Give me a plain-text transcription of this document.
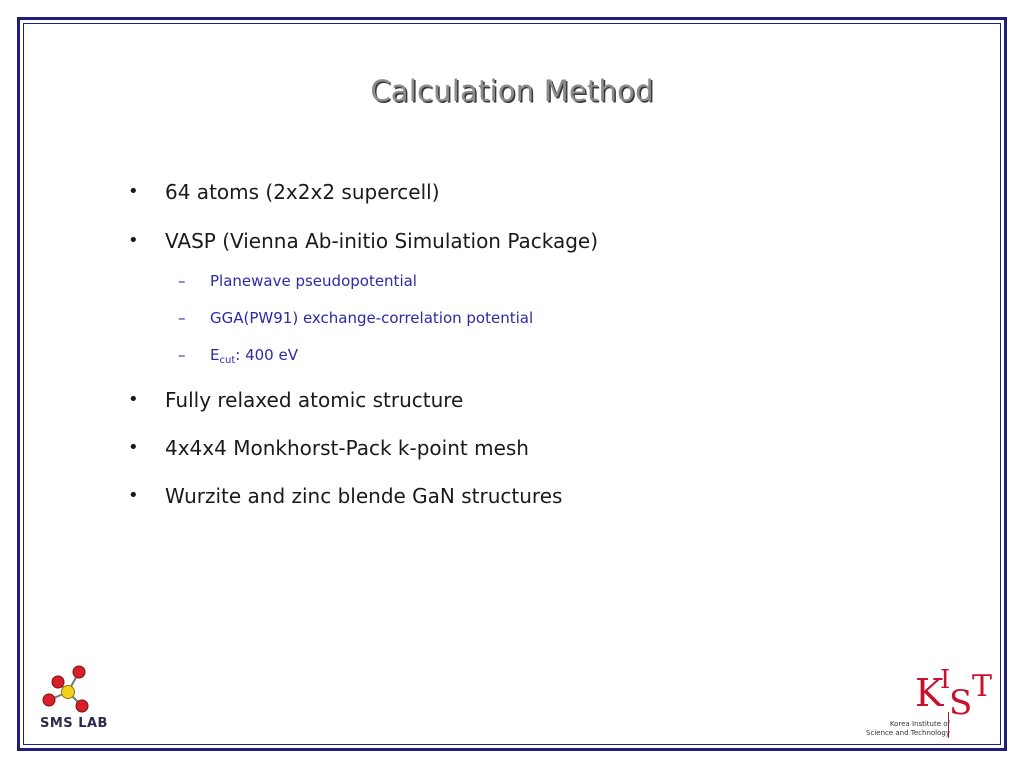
Calculation Method
• 64 atoms (2x2x2 supercell)
• VASP (Vienna Ab-initio Simulation Package)
– Planewave pseudopotential
– GGA(PW91) exchange-correlation potential
– $E_{cut}$: 400 eV
• Fully relaxed atomic structure
• 4x4x4 Monkhorst-Pack k-point mesh
• Wurzite and zinc blende GaN structures
SMS LAB
K
I
S T
Korea Institute of
Science and Technology
